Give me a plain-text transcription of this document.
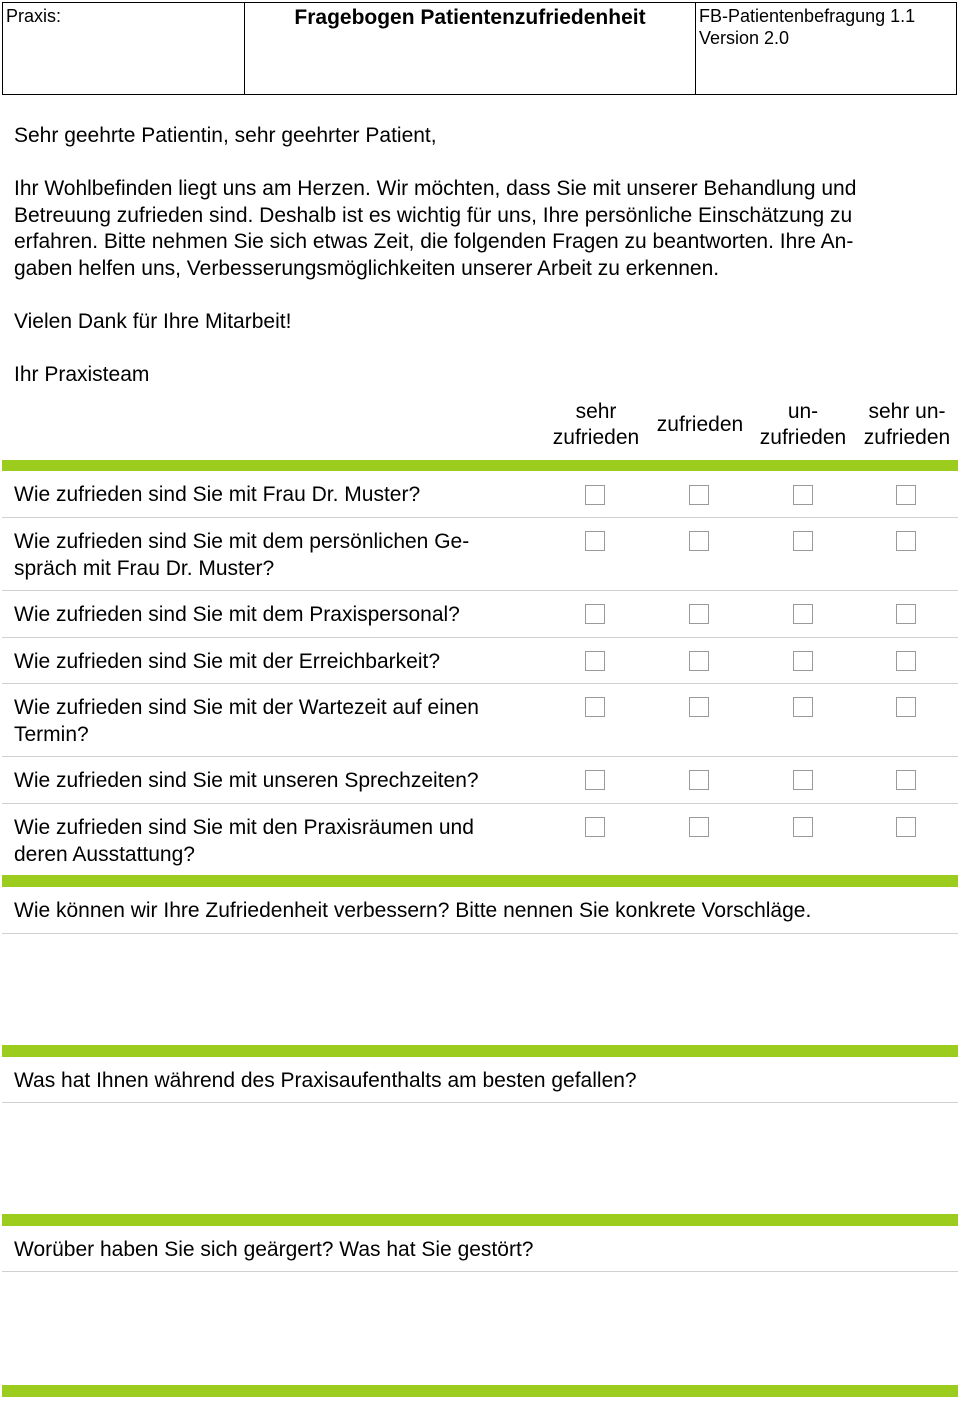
Praxis:	Fragebogen Patientenzufriedenheit	FB-Patientenbefragung 1.1
Version 2.0
Sehr geehrte Patientin, sehr geehrter Patient,
Ihr Wohlbefinden liegt uns am Herzen. Wir möchten, dass Sie mit unserer Behandlung und
Betreuung zufrieden sind. Deshalb ist es wichtig für uns, Ihre persönliche Einschätzung zu
erfahren. Bitte nehmen Sie sich etwas Zeit, die folgenden Fragen zu beantworten. Ihre An-
gaben helfen uns, Verbesserungsmöglichkeiten unserer Arbeit zu erkennen.
Vielen Dank für Ihre Mitarbeit!
Ihr Praxisteam
sehr
zufrieden
zufrieden
un-
zufrieden
sehr un-
zufrieden
Wie zufrieden sind Sie mit Frau Dr. Muster?
Wie zufrieden sind Sie mit dem persönlichen Ge-
spräch mit Frau Dr. Muster?
Wie zufrieden sind Sie mit dem Praxispersonal?
Wie zufrieden sind Sie mit der Erreichbarkeit?
Wie zufrieden sind Sie mit der Wartezeit auf einen
Termin?
Wie zufrieden sind Sie mit unseren Sprechzeiten?
Wie zufrieden sind Sie mit den Praxisräumen und
deren Ausstattung?
Wie können wir Ihre Zufriedenheit verbessern? Bitte nennen Sie konkrete Vorschläge.
Was hat Ihnen während des Praxisaufenthalts am besten gefallen?
Worüber haben Sie sich geärgert? Was hat Sie gestört?
